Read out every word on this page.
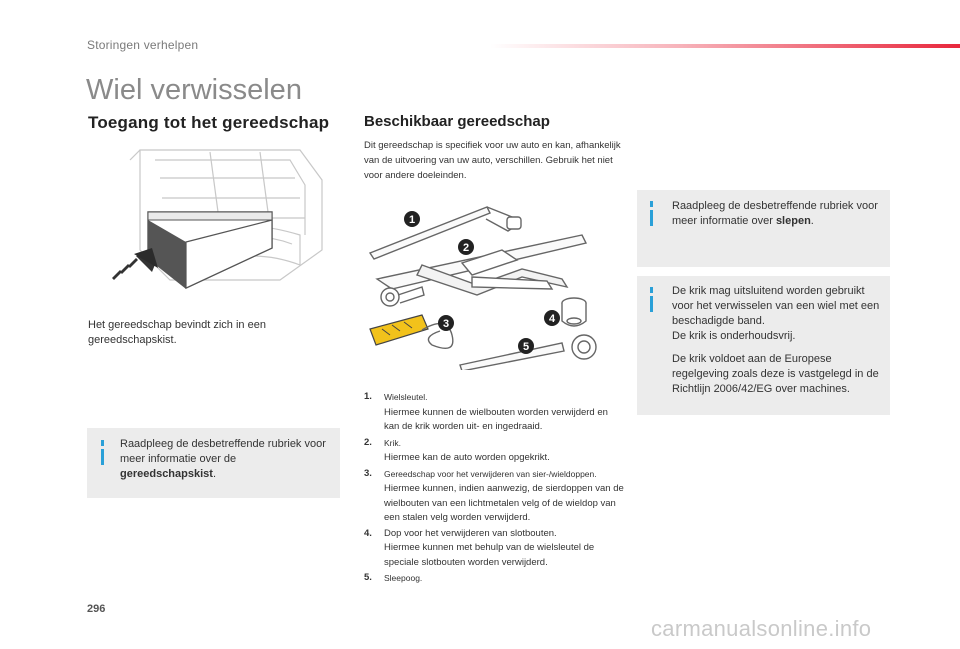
Storingen verhelpen
Wiel verwisselen
Toegang tot het gereedschap Beschikbaar gereedschap
Het gereedschap bevindt zich in een gereedschapskist.
Raadpleeg de desbetreffende rubriek voor meer informatie over de gereedschapskist.
Dit gereedschap is specifiek voor uw auto en kan, afhankelijk van de uitvoering van uw auto, verschillen. Gebruik het niet voor andere doeleinden.
1
2
3	4
5
1. Wielsleutel.
Hiermee kunnen de wielbouten worden verwijderd en kan de krik worden uit- en ingedraaid.
2. Krik.
Hiermee kan de auto worden opgekrikt.
3. Gereedschap voor het verwijderen van sier-/wieldoppen.
Hiermee kunnen, indien aanwezig, de sierdoppen van de wielbouten van een lichtmetalen velg of de wieldop van een stalen velg worden verwijderd.
4. Dop voor het verwijderen van slotbouten.
Hiermee kunnen met behulp van de wielsleutel de speciale slotbouten worden verwijderd.
5. Sleepoog.
Raadpleeg de desbetreffende rubriek voor meer informatie over slepen.
De krik mag uitsluitend worden gebruikt voor het verwisselen van een wiel met een beschadigde band.
De krik is onderhoudsvrij.
De krik voldoet aan de Europese regelgeving zoals deze is vastgelegd in de Richtlijn 2006/42/EG over machines.
296
carmanualsonline.info
